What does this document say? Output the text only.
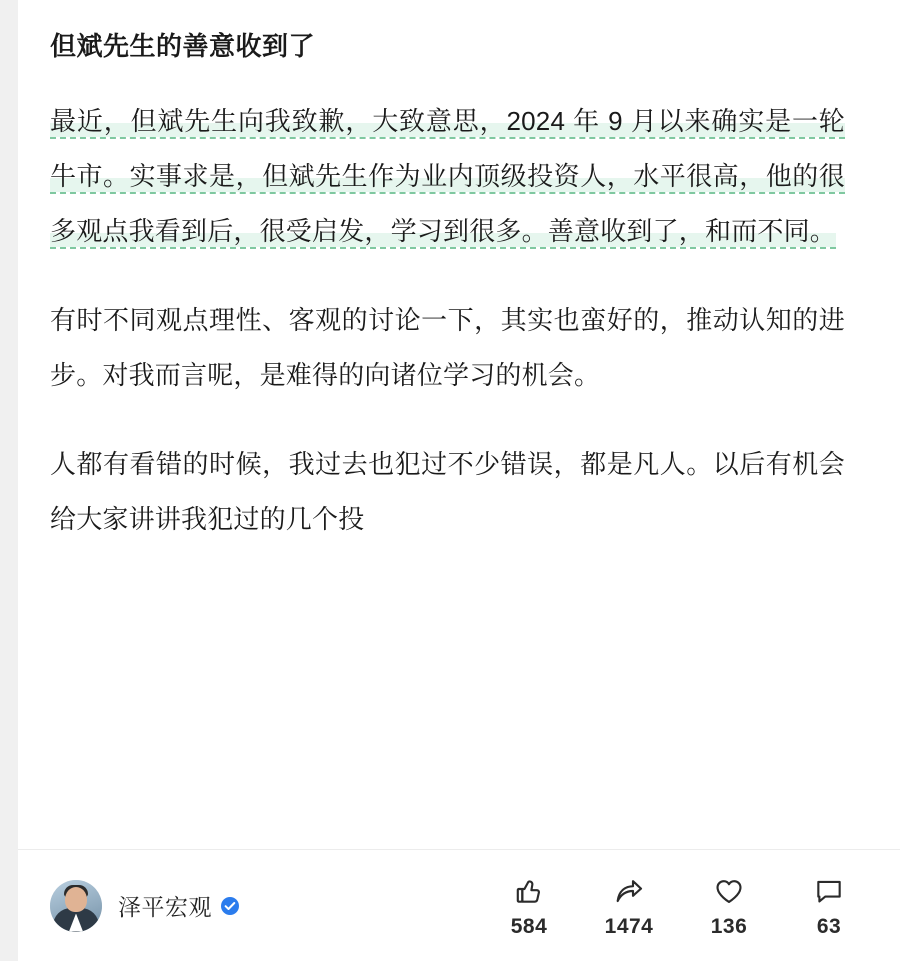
但斌先生的善意收到了

最近，但斌先生向我致歉，大致意思，2024 年 9 月以来确实是一轮牛市。实事求是，但斌先生作为业内顶级投资人，水平很高，他的很多观点我看到后，很受启发，学习到很多。善意收到了，和而不同。

有时不同观点理性、客观的讨论一下，其实也蛮好的，推动认知的进步。对我而言呢，是难得的向诸位学习的机会。

人都有看错的时候，我过去也犯过不少错误，都是凡人。以后有机会给大家讲讲我犯过的几个投

泽平宏观
584	1474	136	63
